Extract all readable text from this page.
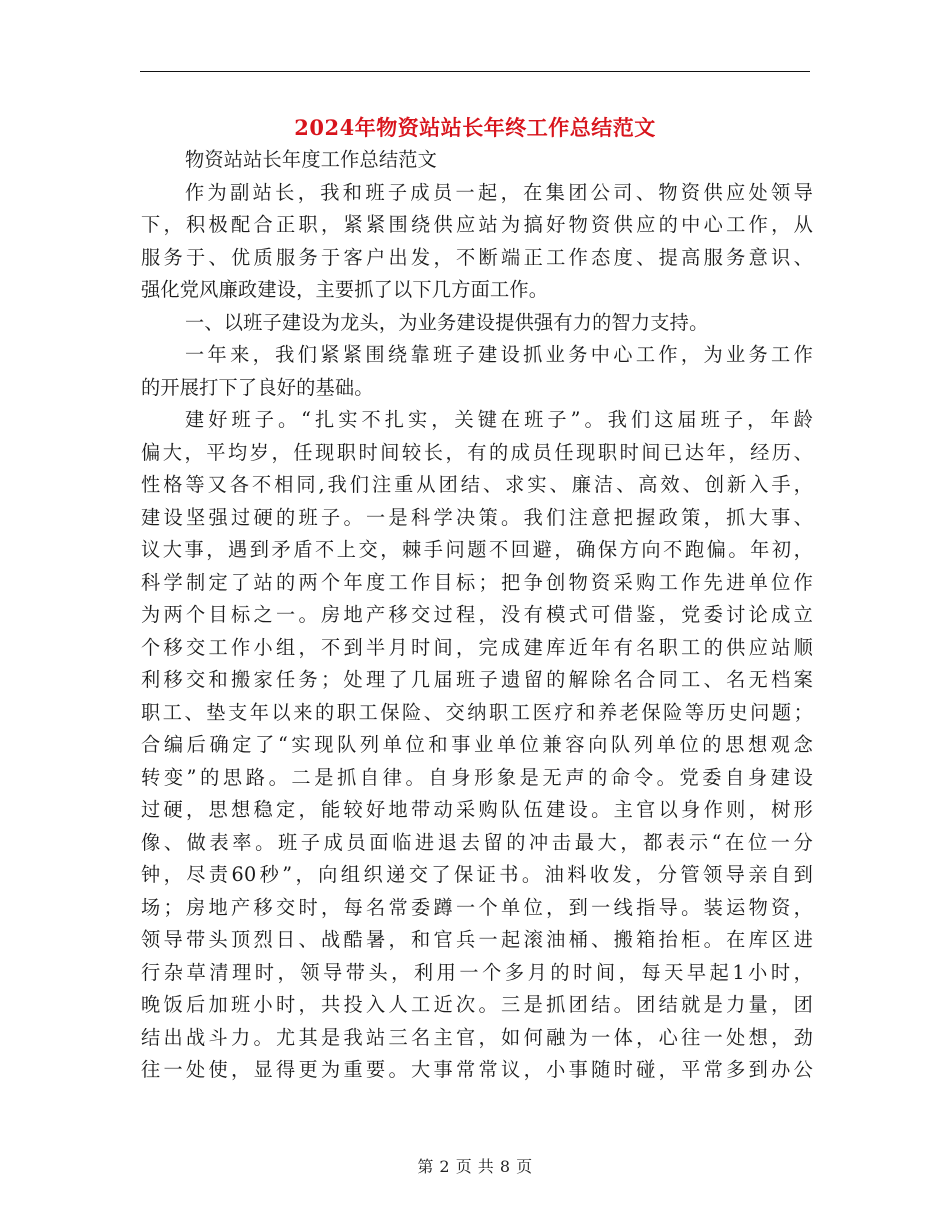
2024年物资站站长年终工作总结范文
物资站站长年度工作总结范文
作为副站长，我和班子成员一起，在集团公司、物资供应处领导
下，积极配合正职，紧紧围绕供应站为搞好物资供应的中心工作，从
服务于、优质服务于客户出发，不断端正工作态度、提高服务意识、
强化党风廉政建设，主要抓了以下几方面工作。
一、以班子建设为龙头，为业务建设提供强有力的智力支持。
一年来，我们紧紧围绕靠班子建设抓业务中心工作，为业务工作
的开展打下了良好的基础。
建好班子。“扎实不扎实，关键在班子”。我们这届班子，年龄
偏大，平均岁，任现职时间较长，有的成员任现职时间已达年，经历、
性格等又各不相同,我们注重从团结、求实、廉洁、高效、创新入手，
建设坚强过硬的班子。一是科学决策。我们注意把握政策，抓大事、
议大事，遇到矛盾不上交，棘手问题不回避，确保方向不跑偏。年初，
科学制定了站的两个年度工作目标；把争创物资采购工作先进单位作
为两个目标之一。房地产移交过程，没有模式可借鉴，党委讨论成立
个移交工作小组，不到半月时间，完成建库近年有名职工的供应站顺
利移交和搬家任务；处理了几届班子遗留的解除名合同工、名无档案
职工、垫支年以来的职工保险、交纳职工医疗和养老保险等历史问题；
合编后确定了“实现队列单位和事业单位兼容向队列单位的思想观念
转变”的思路。二是抓自律。自身形象是无声的命令。党委自身建设
过硬，思想稳定，能较好地带动采购队伍建设。主官以身作则，树形
像、做表率。班子成员面临进退去留的冲击最大，都表示“在位一分
钟，尽责60秒”，向组织递交了保证书。油料收发，分管领导亲自到
场；房地产移交时，每名常委蹲一个单位，到一线指导。装运物资，
领导带头顶烈日、战酷暑，和官兵一起滚油桶、搬箱抬柜。在库区进
行杂草清理时，领导带头，利用一个多月的时间，每天早起1小时，
晚饭后加班小时，共投入人工近次。三是抓团结。团结就是力量，团
结出战斗力。尤其是我站三名主官，如何融为一体，心往一处想，劲
往一处使，显得更为重要。大事常常议，小事随时碰，平常多到办公
第 2 页 共 8 页
